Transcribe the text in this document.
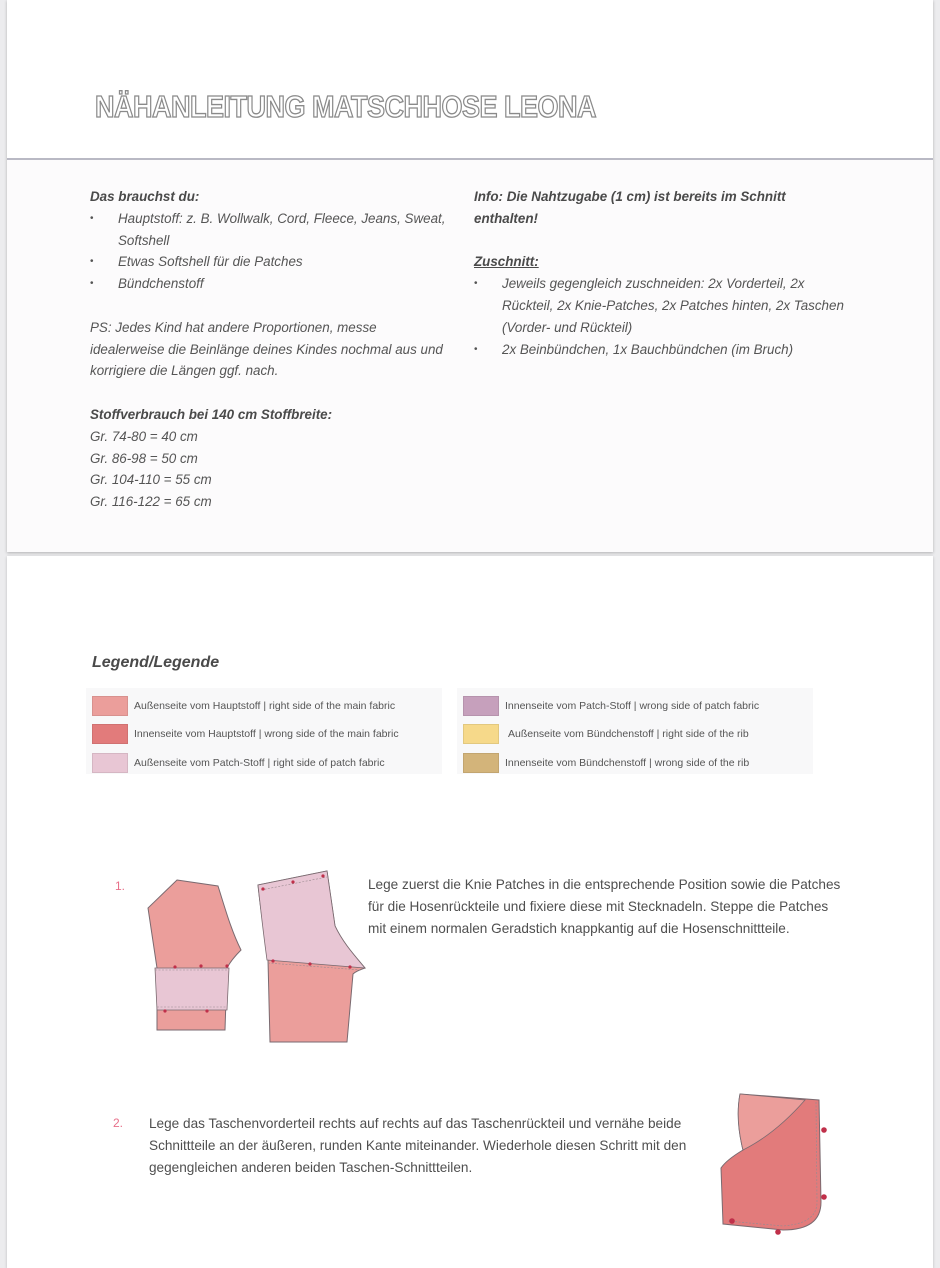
NÄHANLEITUNG MATSCHHOSE LEONA
Das brauchst du:
• Hauptstoff: z. B. Wollwalk, Cord, Fleece, Jeans, Sweat, Softshell
• Etwas Softshell für die Patches
• Bündchenstoff
PS: Jedes Kind hat andere Proportionen, messe idealerweise die Beinlänge deines Kindes nochmal aus und korrigiere die Längen ggf. nach.
Stoffverbrauch bei 140 cm Stoffbreite:
Gr. 74-80 = 40 cm
Gr. 86-98 = 50 cm
Gr. 104-110 = 55 cm
Gr. 116-122 = 65 cm
Info: Die Nahtzugabe (1 cm) ist bereits im Schnitt enthalten!
Zuschnitt:
• Jeweils gegengleich zuschneiden: 2x Vorderteil, 2x Rückteil, 2x Knie-Patches, 2x Patches hinten, 2x Taschen (Vorder- und Rückteil)
• 2x Beinbündchen, 1x Bauchbündchen (im Bruch)
Legend/Legende
Außenseite vom Hauptstoff | right side of the main fabric
Innenseite vom Hauptstoff | wrong side of the main fabric
Außenseite vom Patch-Stoff | right side of patch fabric
Innenseite vom Patch-Stoff | wrong side of patch fabric
Außenseite vom Bündchenstoff | right side of the rib
Innenseite vom Bündchenstoff | wrong side of the rib
1.	Lege zuerst die Knie Patches in die entsprechende Position sowie die Patches für die Hosenrückteile und fixiere diese mit Stecknadeln. Steppe die Patches mit einem normalen Geradstich knappkantig auf die Hosenschnittteile.
2. Lege das Taschenvorderteil rechts auf rechts auf das Taschenrückteil und vernähe beide Schnittteile an der äußeren, runden Kante miteinander. Wiederhole diesen Schritt mit den gegengleichen anderen beiden Taschen-Schnittteilen.
